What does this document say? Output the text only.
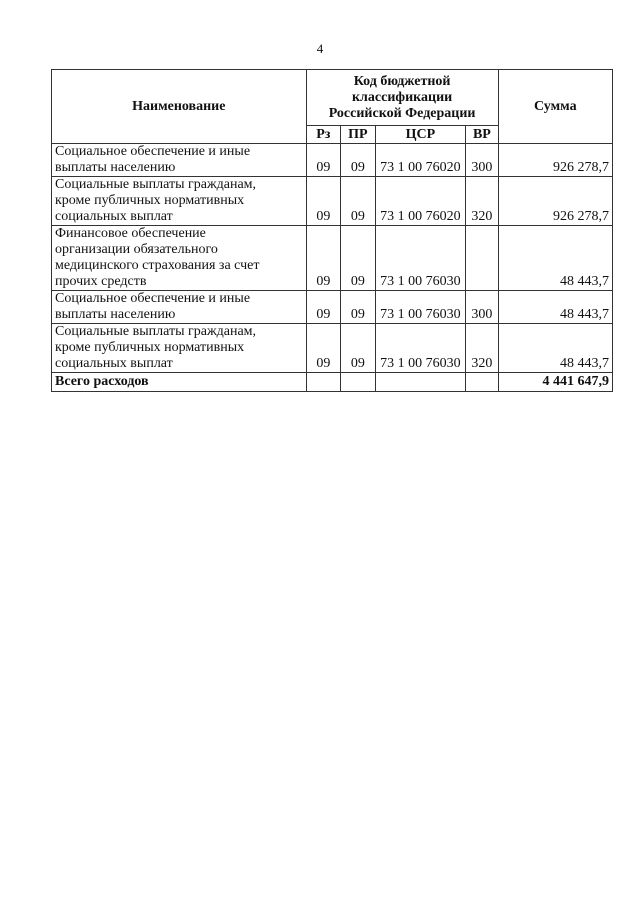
4
Наименование	Код бюджетной классификации Российской Федерации				Сумма
	Рз	ПР	ЦСР	ВР	
Социальное обеспечение и иные
выплаты населению	09	09	73 1 00 76020	300	926 278,7
Социальные выплаты гражданам,
кроме публичных нормативных
социальных выплат	09	09	73 1 00 76020	320	926 278,7
Финансовое обеспечение
организации обязательного
медицинского страхования за счет
прочих средств	09	09	73 1 00 76030		48 443,7
Социальное обеспечение и иные
выплаты населению	09	09	73 1 00 76030	300	48 443,7
Социальные выплаты гражданам,
кроме публичных нормативных
социальных выплат	09	09	73 1 00 76030	320	48 443,7
Всего расходов					4 441 647,9
